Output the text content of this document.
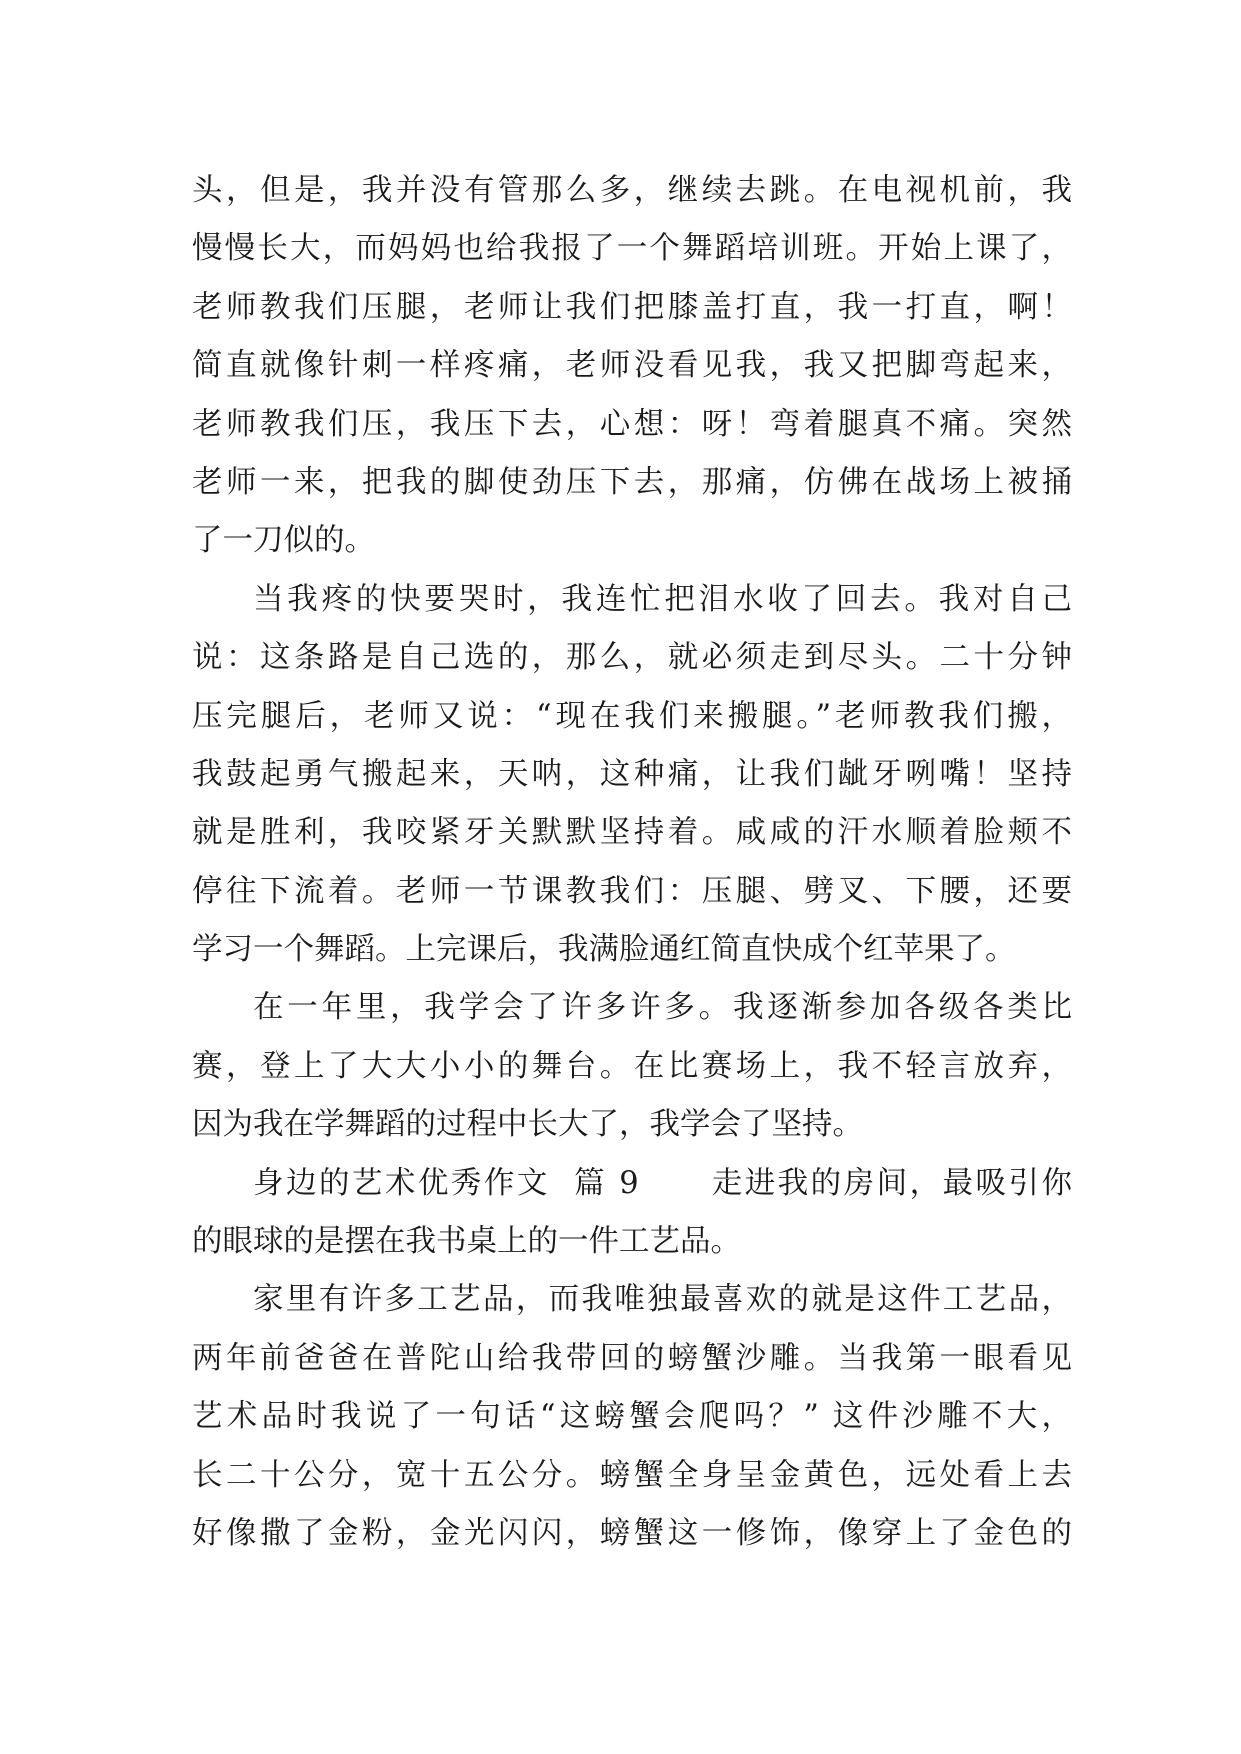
头，但是，我并没有管那么多，继续去跳。在电视机前，我
慢慢长大，而妈妈也给我报了一个舞蹈培训班。开始上课了，
老师教我们压腿，老师让我们把膝盖打直，我一打直，啊！
简直就像针刺一样疼痛，老师没看见我，我又把脚弯起来，
老师教我们压，我压下去，心想：呀！弯着腿真不痛。突然
老师一来，把我的脚使劲压下去，那痛，仿佛在战场上被捅
了一刀似的。
当我疼的快要哭时，我连忙把泪水收了回去。我对自己
说：这条路是自己选的，那么，就必须走到尽头。二十分钟
压完腿后，老师又说：“现在我们来搬腿。”老师教我们搬，
我鼓起勇气搬起来，天呐，这种痛，让我们龇牙咧嘴！坚持
就是胜利，我咬紧牙关默默坚持着。咸咸的汗水顺着脸颊不
停往下流着。老师一节课教我们：压腿、劈叉、下腰，还要
学习一个舞蹈。上完课后，我满脸通红简直快成个红苹果了。
在一年里，我学会了许多许多。我逐渐参加各级各类比
赛，登上了大大小小的舞台。在比赛场上，我不轻言放弃，
因为我在学舞蹈的过程中长大了，我学会了坚持。
身边的艺术优秀作文  篇 9      走进我的房间，最吸引你
的眼球的是摆在我书桌上的一件工艺品。
家里有许多工艺品，而我唯独最喜欢的就是这件工艺品，
两年前爸爸在普陀山给我带回的螃蟹沙雕。当我第一眼看见
艺术品时我说了一句话“这螃蟹会爬吗？” 这件沙雕不大，
长二十公分，宽十五公分。螃蟹全身呈金黄色，远处看上去
好像撒了金粉，金光闪闪，螃蟹这一修饰，像穿上了金色的
